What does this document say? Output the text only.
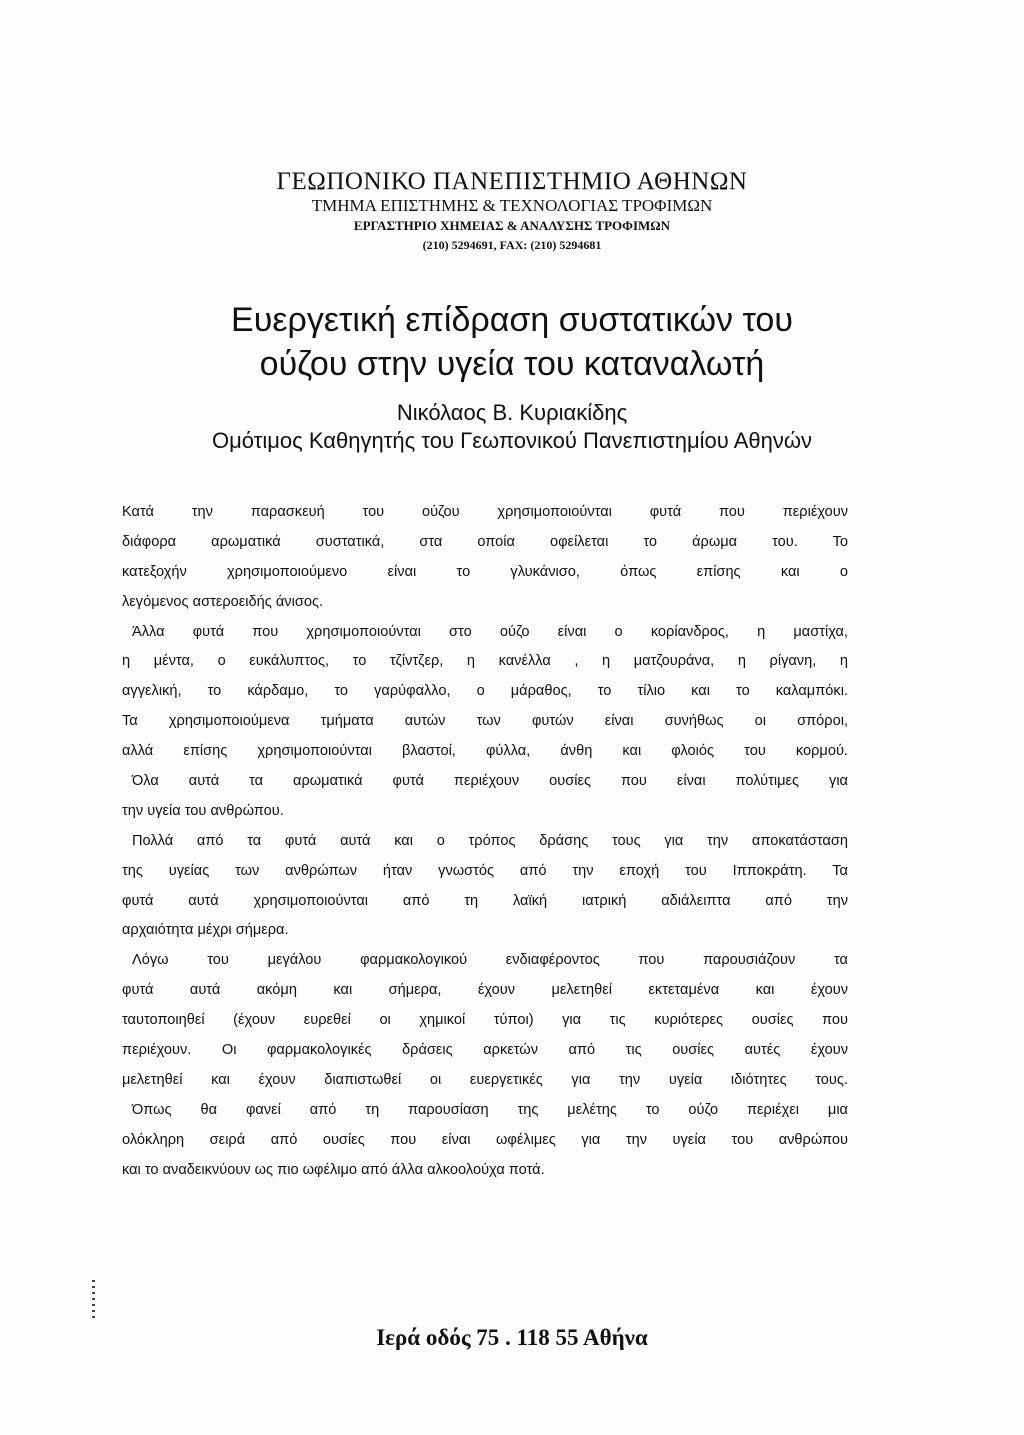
ΓΕΩΠΟΝΙΚΟ ΠΑΝΕΠΙΣΤΗΜΙΟ ΑΘΗΝΩΝ
ΤΜΗΜΑ ΕΠΙΣΤΗΜΗΣ & ΤΕΧΝΟΛΟΓΙΑΣ ΤΡΟΦΙΜΩΝ
ΕΡΓΑΣΤΗΡΙΟ ΧΗΜΕΙΑΣ & ΑΝΑΛΥΣΗΣ ΤΡΟΦΙΜΩΝ
(210) 5294691, FAX: (210) 5294681
Ευεργετική επίδραση συστατικών του
ούζου στην υγεία του καταναλωτή
Νικόλαος Β. Κυριακίδης
Ομότιμος Καθηγητής του Γεωπονικού Πανεπιστημίου Αθηνών
Κατά την παρασκευή του ούζου χρησιμοποιούνται φυτά που περιέχουν
διάφορα αρωματικά συστατικά, στα οποία οφείλεται το άρωμα του. Το
κατεξοχήν χρησιμοποιούμενο είναι το γλυκάνισο, όπως επίσης και ο
λεγόμενος αστεροειδής άνισος.
Άλλα φυτά που χρησιμοποιούνται στο ούζο είναι ο κορίανδρος, η μαστίχα,
η μέντα, ο ευκάλυπτος, το τζίντζερ, η κανέλλα , η ματζουράνα, η ρίγανη, η
αγγελική, το κάρδαμο, το γαρύφαλλο, ο μάραθος, το τίλιο και το καλαμπόκι.
Τα χρησιμοποιούμενα τμήματα αυτών των φυτών είναι συνήθως οι σπόροι,
αλλά επίσης χρησιμοποιούνται βλαστοί, φύλλα, άνθη και φλοιός του κορμού.
Όλα αυτά τα αρωματικά φυτά περιέχουν ουσίες που είναι πολύτιμες για
την υγεία του ανθρώπου.
Πολλά από τα φυτά αυτά και ο τρόπος δράσης τους για την αποκατάσταση
της υγείας των ανθρώπων ήταν γνωστός από την εποχή του Ιπποκράτη. Τα
φυτά αυτά χρησιμοποιούνται από τη λαϊκή ιατρική αδιάλειπτα από την
αρχαιότητα μέχρι σήμερα.
Λόγω του μεγάλου φαρμακολογικού ενδιαφέροντος που παρουσιάζουν τα
φυτά αυτά ακόμη και σήμερα, έχουν μελετηθεί εκτεταμένα και έχουν
ταυτοποιηθεί (έχουν ευρεθεί οι χημικοί τύποι) για τις κυριότερες ουσίες που
περιέχουν. Οι φαρμακολογικές δράσεις αρκετών από τις ουσίες αυτές έχουν
μελετηθεί και έχουν διαπιστωθεί οι ευεργετικές για την υγεία ιδιότητες τους.
Όπως θα φανεί από τη παρουσίαση της μελέτης το ούζο περιέχει μια
ολόκληρη σειρά από ουσίες που είναι ωφέλιμες για την υγεία του ανθρώπου
και το αναδεικνύουν ως πιο ωφέλιμο από άλλα αλκοολούχα ποτά.
Ιερά οδός 75 . 118 55 Αθήνα
